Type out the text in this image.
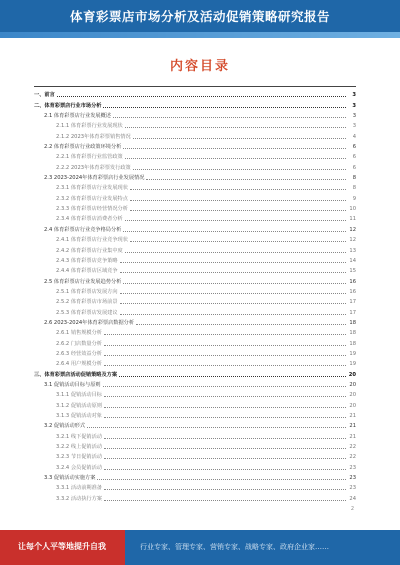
体育彩票店市场分析及活动促销策略研究报告
内容目录
一、前言	3
二、体育彩票店行业市场分析	3
2.1 体育彩票店行业发展概述	3
2.1.1 体育彩票行业发展现状	3
2.1.2 2023年体育彩票销售情况	4
2.2 体育彩票店行业政策环境分析	6
2.2.1 体育彩票行业监管政策	6
2.2.2 2023年体育彩票发行政策	6
2.3 2023-2024年体育彩票店行业发展情况	8
2.3.1 体育彩票店行业发展现状	8
2.3.2 体育彩票店行业发展特点	9
2.3.3 体育彩票店经营情况分析	10
2.3.4 体育彩票店消费者分析	11
2.4 体育彩票店行业竞争格局分析	12
2.4.1 体育彩票店行业竞争现状	12
2.4.2 体育彩票店行业集中度	13
2.4.3 体育彩票店竞争策略	14
2.4.4 体育彩票店区域竞争	15
2.5 体育彩票店行业发展趋势分析	16
2.5.1 体育彩票店发展方向	16
2.5.2 体育彩票店市场前景	17
2.5.3 体育彩票店发展建议	17
2.6 2023-2024年体育彩票店数据分析	18
2.6.1 销售规模分析	18
2.6.2 门店数量分析	18
2.6.3 经营效益分析	19
2.6.4 用户规模分析	19
三、体育彩票店活动促销策略及方案	20
3.1 促销活动目标与原则	20
3.1.1 促销活动目标	20
3.1.2 促销活动原则	20
3.1.3 促销活动对象	21
3.2 促销活动形式	21
3.2.1 线下促销活动	21
3.2.2 线上促销活动	22
3.2.3 节日促销活动	22
3.2.4 会员促销活动	23
3.3 促销活动实施方案	23
3.3.1 活动前期准备	23
3.3.2 活动执行方案	24
2
让每个人平等地提升自我	行业专家、管理专家、营销专家、战略专家、政府企业家……
